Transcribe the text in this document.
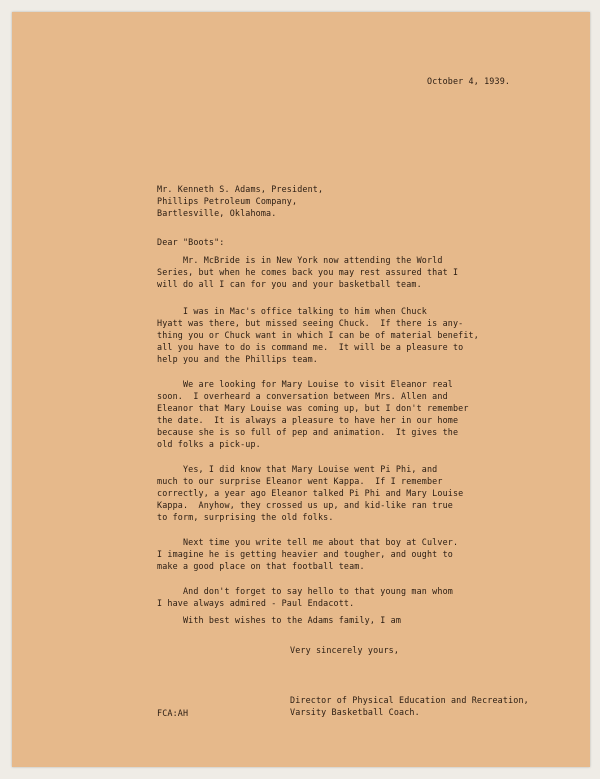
October 4, 1939.

Mr. Kenneth S. Adams, President,

Phillips Petroleum Company,

Bartlesville, Oklahoma.

Dear "Boots":
Mr. McBride is in New York now attending the World
Series, but when he comes back you may rest assured that I
will do all I can for you and your basketball team.
I was in Mac's office talking to him when Chuck
Hyatt was there, but missed seeing Chuck.  If there is any-
thing you or Chuck want in which I can be of material benefit,
all you have to do is command me.  It will be a pleasure to
help you and the Phillips team.
We are looking for Mary Louise to visit Eleanor real
soon.  I overheard a conversation between Mrs. Allen and
Eleanor that Mary Louise was coming up, but I don't remember
the date.  It is always a pleasure to have her in our home
because she is so full of pep and animation.  It gives the
old folks a pick-up.
Yes, I did know that Mary Louise went Pi Phi, and
much to our surprise Eleanor went Kappa.  If I remember
correctly, a year ago Eleanor talked Pi Phi and Mary Louise
Kappa.  Anyhow, they crossed us up, and kid-like ran true
to form, surprising the old folks.
Next time you write tell me about that boy at Culver.
I imagine he is getting heavier and tougher, and ought to
make a good place on that football team.
And don't forget to say hello to that young man whom
I have always admired - Paul Endacott.
With best wishes to the Adams family, I am
Very sincerely yours,

Director of Physical Education and Recreation,

Varsity Basketball Coach.

FCA:AH
